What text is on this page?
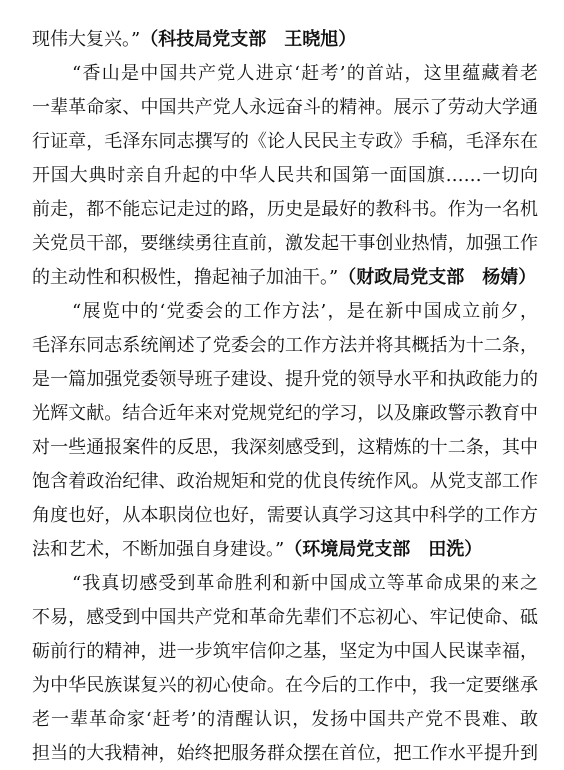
现伟大复兴。”（科技局党支部　王晓旭）
“香山是中国共产党人进京‘赶考’的首站，这里蕴藏着老
一辈革命家、中国共产党人永远奋斗的精神。展示了劳动大学通
行证章，毛泽东同志撰写的《论人民民主专政》手稿，毛泽东在
开国大典时亲自升起的中华人民共和国第一面国旗……一切向
前走，都不能忘记走过的路，历史是最好的教科书。作为一名机
关党员干部，要继续勇往直前，激发起干事创业热情，加强工作
的主动性和积极性，撸起袖子加油干。”（财政局党支部　杨婧）
“展览中的‘党委会的工作方法’，是在新中国成立前夕，
毛泽东同志系统阐述了党委会的工作方法并将其概括为十二条，
是一篇加强党委领导班子建设、提升党的领导水平和执政能力的
光辉文献。结合近年来对党规党纪的学习，以及廉政警示教育中
对一些通报案件的反思，我深刻感受到，这精炼的十二条，其中
饱含着政治纪律、政治规矩和党的优良传统作风。从党支部工作
角度也好，从本职岗位也好，需要认真学习这其中科学的工作方
法和艺术，不断加强自身建设。”（环境局党支部　田洗）
“我真切感受到革命胜利和新中国成立等革命成果的来之
不易，感受到中国共产党和革命先辈们不忘初心、牢记使命、砥
砺前行的精神，进一步筑牢信仰之基，坚定为中国人民谋幸福，
为中华民族谋复兴的初心使命。在今后的工作中，我一定要继承
老一辈革命家‘赶考’的清醒认识，发扬中国共产党不畏难、敢
担当的大我精神，始终把服务群众摆在首位，把工作水平提升到
